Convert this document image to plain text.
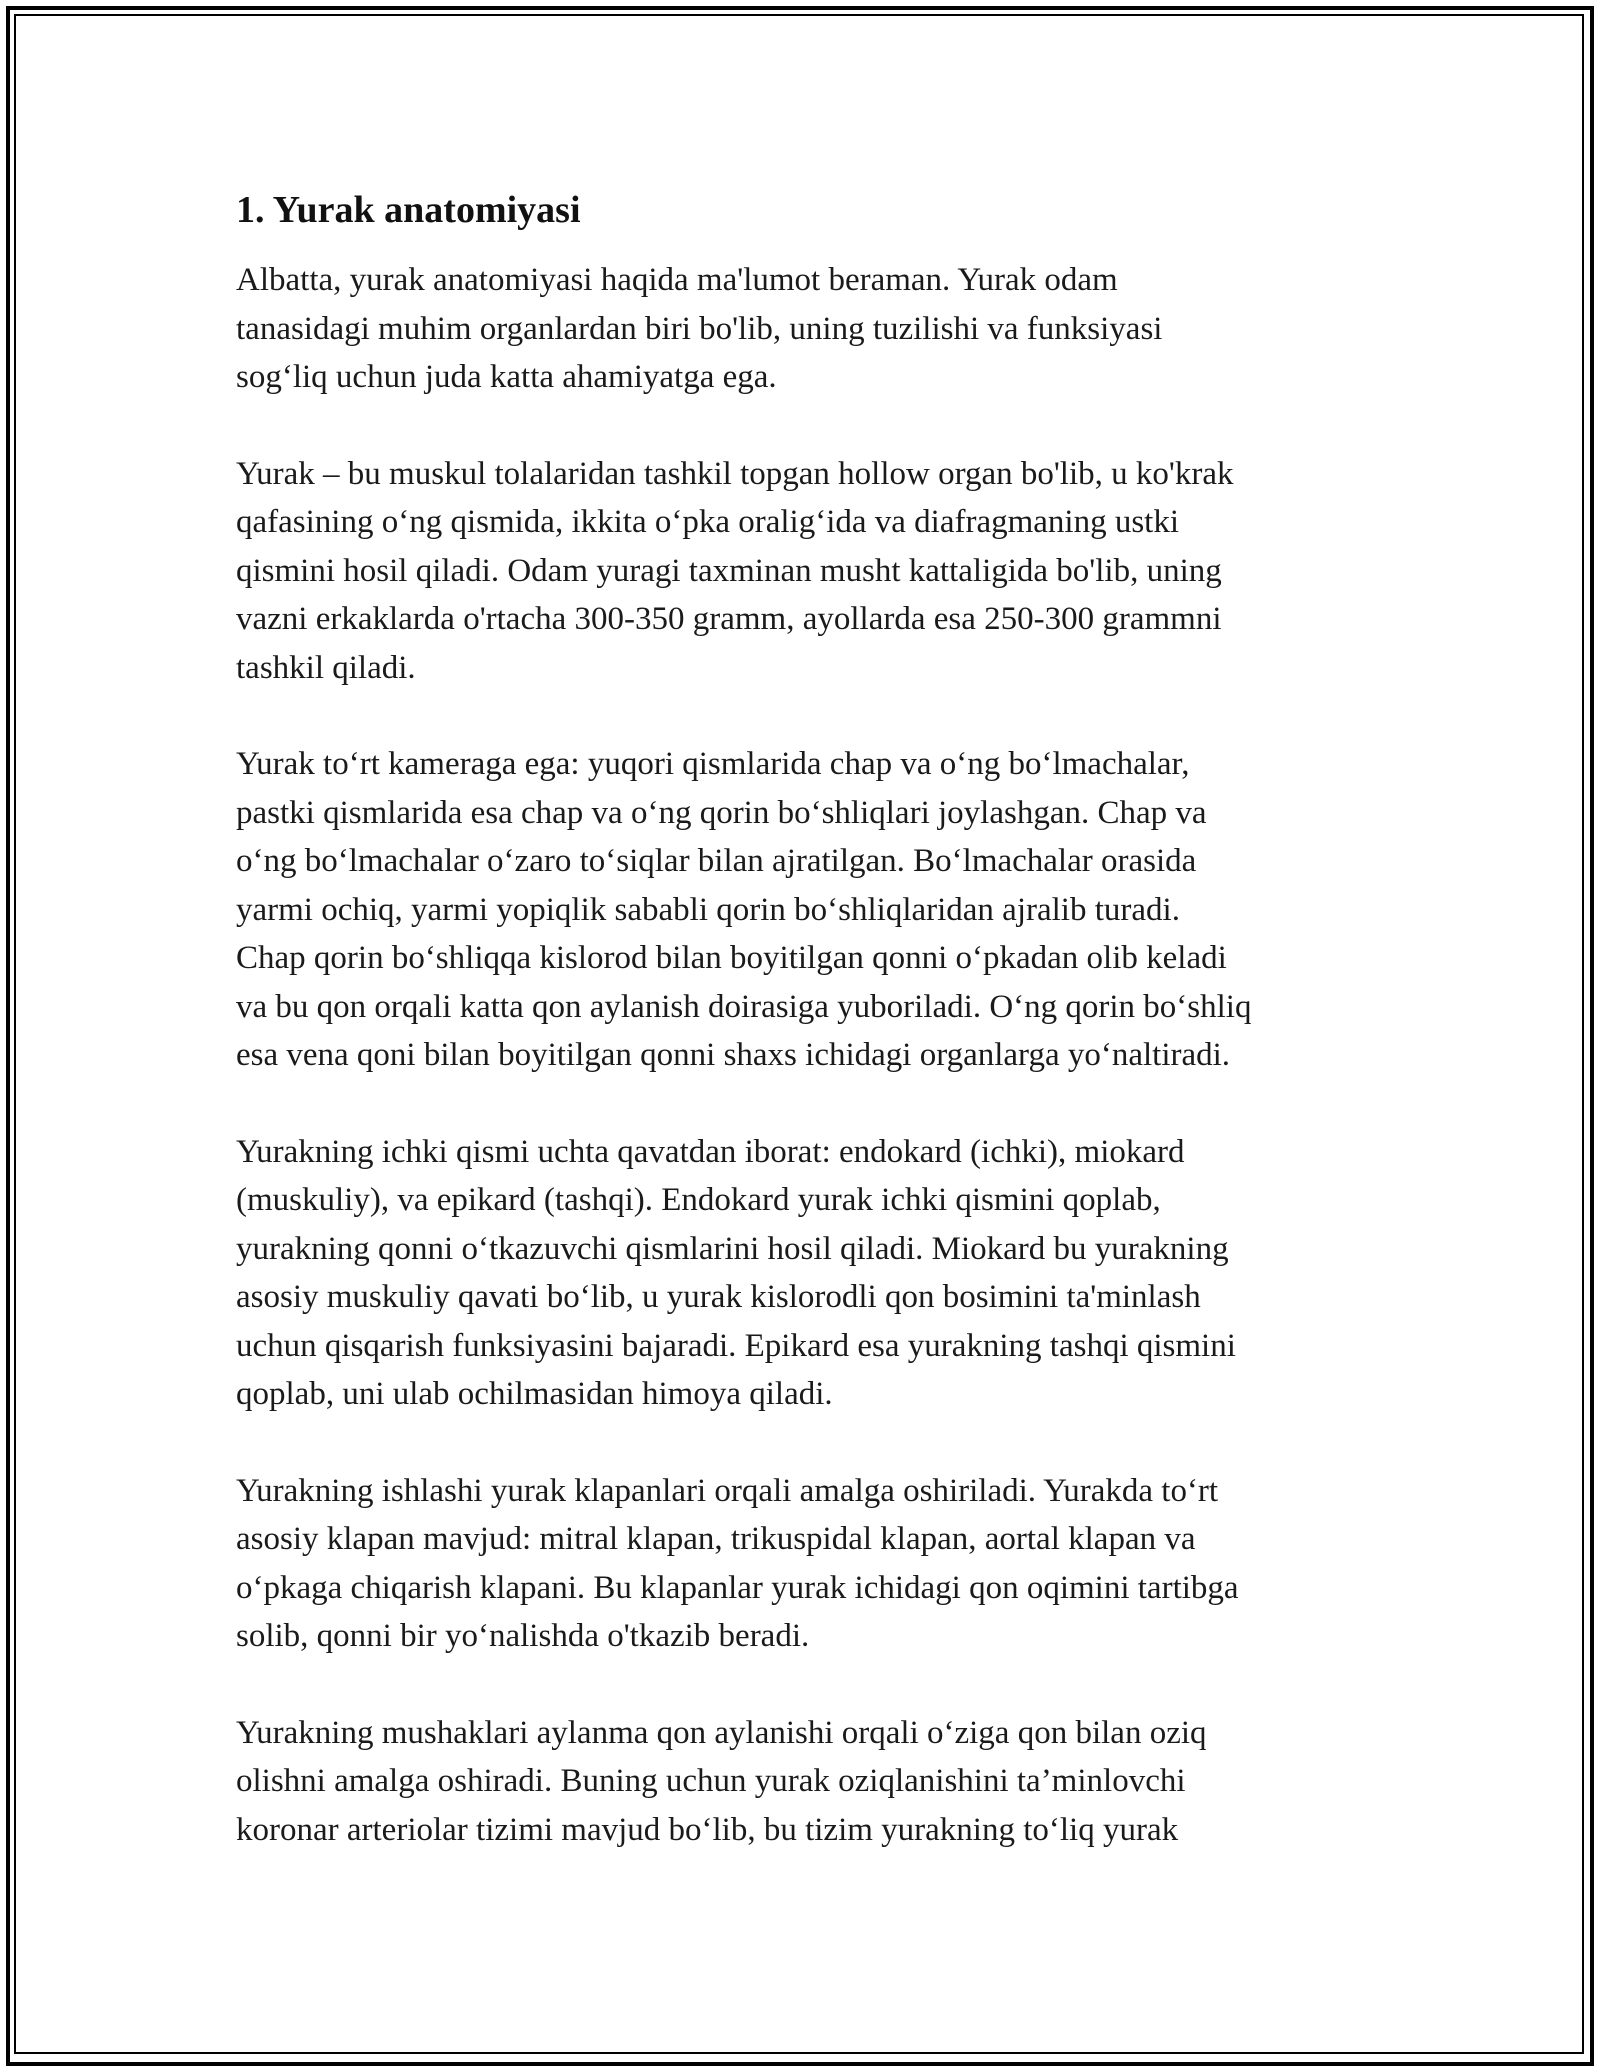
1. Yurak anatomiyasi

Albatta, yurak anatomiyasi haqida ma'lumot beraman. Yurak odam
tanasidagi muhim organlardan biri bo'lib, uning tuzilishi va funksiyasi
sog‘liq uchun juda katta ahamiyatga ega.

Yurak – bu muskul tolalaridan tashkil topgan hollow organ bo'lib, u ko'krak
qafasining o‘ng qismida, ikkita o‘pka oralig‘ida va diafragmaning ustki
qismini hosil qiladi. Odam yuragi taxminan musht kattaligida bo'lib, uning
vazni erkaklarda o'rtacha 300-350 gramm, ayollarda esa 250-300 grammni
tashkil qiladi.

Yurak to‘rt kameraga ega: yuqori qismlarida chap va o‘ng bo‘lmachalar,
pastki qismlarida esa chap va o‘ng qorin bo‘shliqlari joylashgan. Chap va
o‘ng bo‘lmachalar o‘zaro to‘siqlar bilan ajratilgan. Bo‘lmachalar orasida
yarmi ochiq, yarmi yopiqlik sababli qorin bo‘shliqlaridan ajralib turadi.
Chap qorin bo‘shliqqa kislorod bilan boyitilgan qonni o‘pkadan olib keladi
va bu qon orqali katta qon aylanish doirasiga yuboriladi. O‘ng qorin bo‘shliq
esa vena qoni bilan boyitilgan qonni shaxs ichidagi organlarga yo‘naltiradi.

Yurakning ichki qismi uchta qavatdan iborat: endokard (ichki), miokard
(muskuliy), va epikard (tashqi). Endokard yurak ichki qismini qoplab,
yurakning qonni o‘tkazuvchi qismlarini hosil qiladi. Miokard bu yurakning
asosiy muskuliy qavati bo‘lib, u yurak kislorodli qon bosimini ta'minlash
uchun qisqarish funksiyasini bajaradi. Epikard esa yurakning tashqi qismini
qoplab, uni ulab ochilmasidan himoya qiladi.

Yurakning ishlashi yurak klapanlari orqali amalga oshiriladi. Yurakda to‘rt
asosiy klapan mavjud: mitral klapan, trikuspidal klapan, aortal klapan va
o‘pkaga chiqarish klapani. Bu klapanlar yurak ichidagi qon oqimini tartibga
solib, qonni bir yo‘nalishda o'tkazib beradi.

Yurakning mushaklari aylanma qon aylanishi orqali o‘ziga qon bilan oziq
olishni amalga oshiradi. Buning uchun yurak oziqlanishini ta’minlovchi
koronar arteriolar tizimi mavjud bo‘lib, bu tizim yurakning to‘liq yurak
